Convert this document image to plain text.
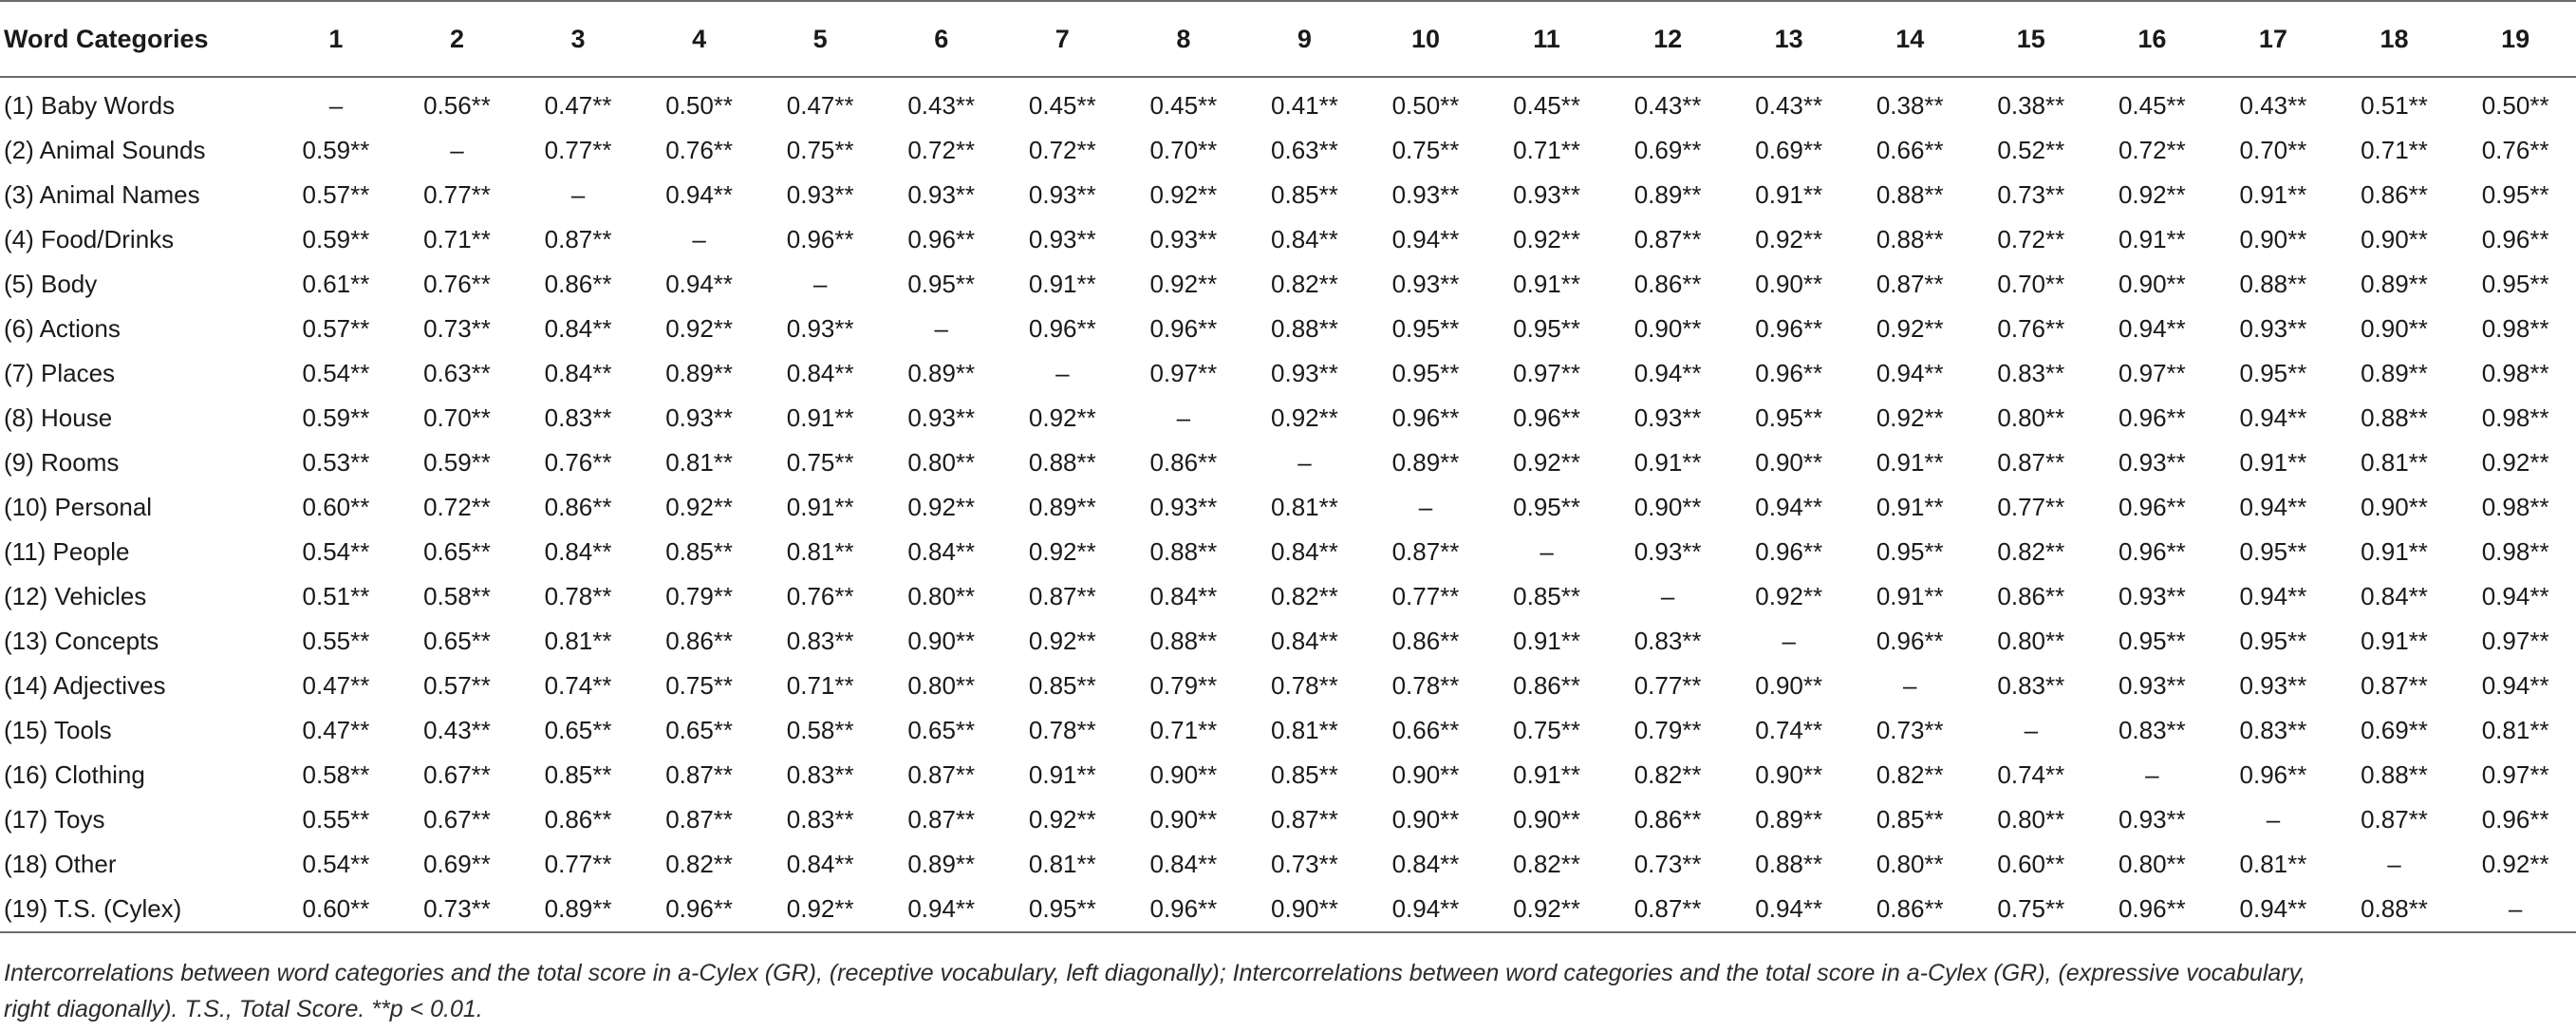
Word Categories	1	2	3	4	5	6	7	8	9	10	11	12	13	14	15	16	17	18	19
(1) Baby Words	–	0.56**	0.47**	0.50**	0.47**	0.43**	0.45**	0.45**	0.41**	0.50**	0.45**	0.43**	0.43**	0.38**	0.38**	0.45**	0.43**	0.51**	0.50**
(2) Animal Sounds	0.59**	–	0.77**	0.76**	0.75**	0.72**	0.72**	0.70**	0.63**	0.75**	0.71**	0.69**	0.69**	0.66**	0.52**	0.72**	0.70**	0.71**	0.76**
(3) Animal Names	0.57**	0.77**	–	0.94**	0.93**	0.93**	0.93**	0.92**	0.85**	0.93**	0.93**	0.89**	0.91**	0.88**	0.73**	0.92**	0.91**	0.86**	0.95**
(4) Food/Drinks	0.59**	0.71**	0.87**	–	0.96**	0.96**	0.93**	0.93**	0.84**	0.94**	0.92**	0.87**	0.92**	0.88**	0.72**	0.91**	0.90**	0.90**	0.96**
(5) Body	0.61**	0.76**	0.86**	0.94**	–	0.95**	0.91**	0.92**	0.82**	0.93**	0.91**	0.86**	0.90**	0.87**	0.70**	0.90**	0.88**	0.89**	0.95**
(6) Actions	0.57**	0.73**	0.84**	0.92**	0.93**	–	0.96**	0.96**	0.88**	0.95**	0.95**	0.90**	0.96**	0.92**	0.76**	0.94**	0.93**	0.90**	0.98**
(7) Places	0.54**	0.63**	0.84**	0.89**	0.84**	0.89**	–	0.97**	0.93**	0.95**	0.97**	0.94**	0.96**	0.94**	0.83**	0.97**	0.95**	0.89**	0.98**
(8) House	0.59**	0.70**	0.83**	0.93**	0.91**	0.93**	0.92**	–	0.92**	0.96**	0.96**	0.93**	0.95**	0.92**	0.80**	0.96**	0.94**	0.88**	0.98**
(9) Rooms	0.53**	0.59**	0.76**	0.81**	0.75**	0.80**	0.88**	0.86**	–	0.89**	0.92**	0.91**	0.90**	0.91**	0.87**	0.93**	0.91**	0.81**	0.92**
(10) Personal	0.60**	0.72**	0.86**	0.92**	0.91**	0.92**	0.89**	0.93**	0.81**	–	0.95**	0.90**	0.94**	0.91**	0.77**	0.96**	0.94**	0.90**	0.98**
(11) People	0.54**	0.65**	0.84**	0.85**	0.81**	0.84**	0.92**	0.88**	0.84**	0.87**	–	0.93**	0.96**	0.95**	0.82**	0.96**	0.95**	0.91**	0.98**
(12) Vehicles	0.51**	0.58**	0.78**	0.79**	0.76**	0.80**	0.87**	0.84**	0.82**	0.77**	0.85**	–	0.92**	0.91**	0.86**	0.93**	0.94**	0.84**	0.94**
(13) Concepts	0.55**	0.65**	0.81**	0.86**	0.83**	0.90**	0.92**	0.88**	0.84**	0.86**	0.91**	0.83**	–	0.96**	0.80**	0.95**	0.95**	0.91**	0.97**
(14) Adjectives	0.47**	0.57**	0.74**	0.75**	0.71**	0.80**	0.85**	0.79**	0.78**	0.78**	0.86**	0.77**	0.90**	–	0.83**	0.93**	0.93**	0.87**	0.94**
(15) Tools	0.47**	0.43**	0.65**	0.65**	0.58**	0.65**	0.78**	0.71**	0.81**	0.66**	0.75**	0.79**	0.74**	0.73**	–	0.83**	0.83**	0.69**	0.81**
(16) Clothing	0.58**	0.67**	0.85**	0.87**	0.83**	0.87**	0.91**	0.90**	0.85**	0.90**	0.91**	0.82**	0.90**	0.82**	0.74**	–	0.96**	0.88**	0.97**
(17) Toys	0.55**	0.67**	0.86**	0.87**	0.83**	0.87**	0.92**	0.90**	0.87**	0.90**	0.90**	0.86**	0.89**	0.85**	0.80**	0.93**	–	0.87**	0.96**
(18) Other	0.54**	0.69**	0.77**	0.82**	0.84**	0.89**	0.81**	0.84**	0.73**	0.84**	0.82**	0.73**	0.88**	0.80**	0.60**	0.80**	0.81**	–	0.92**
(19) T.S. (Cylex)	0.60**	0.73**	0.89**	0.96**	0.92**	0.94**	0.95**	0.96**	0.90**	0.94**	0.92**	0.87**	0.94**	0.86**	0.75**	0.96**	0.94**	0.88**	–
Intercorrelations between word categories and the total score in a-Cylex (GR), (receptive vocabulary, left diagonally); Intercorrelations between word categories and the total score in a-Cylex (GR), (expressive vocabulary,
right diagonally). T.S., Total Score. **p < 0.01.
